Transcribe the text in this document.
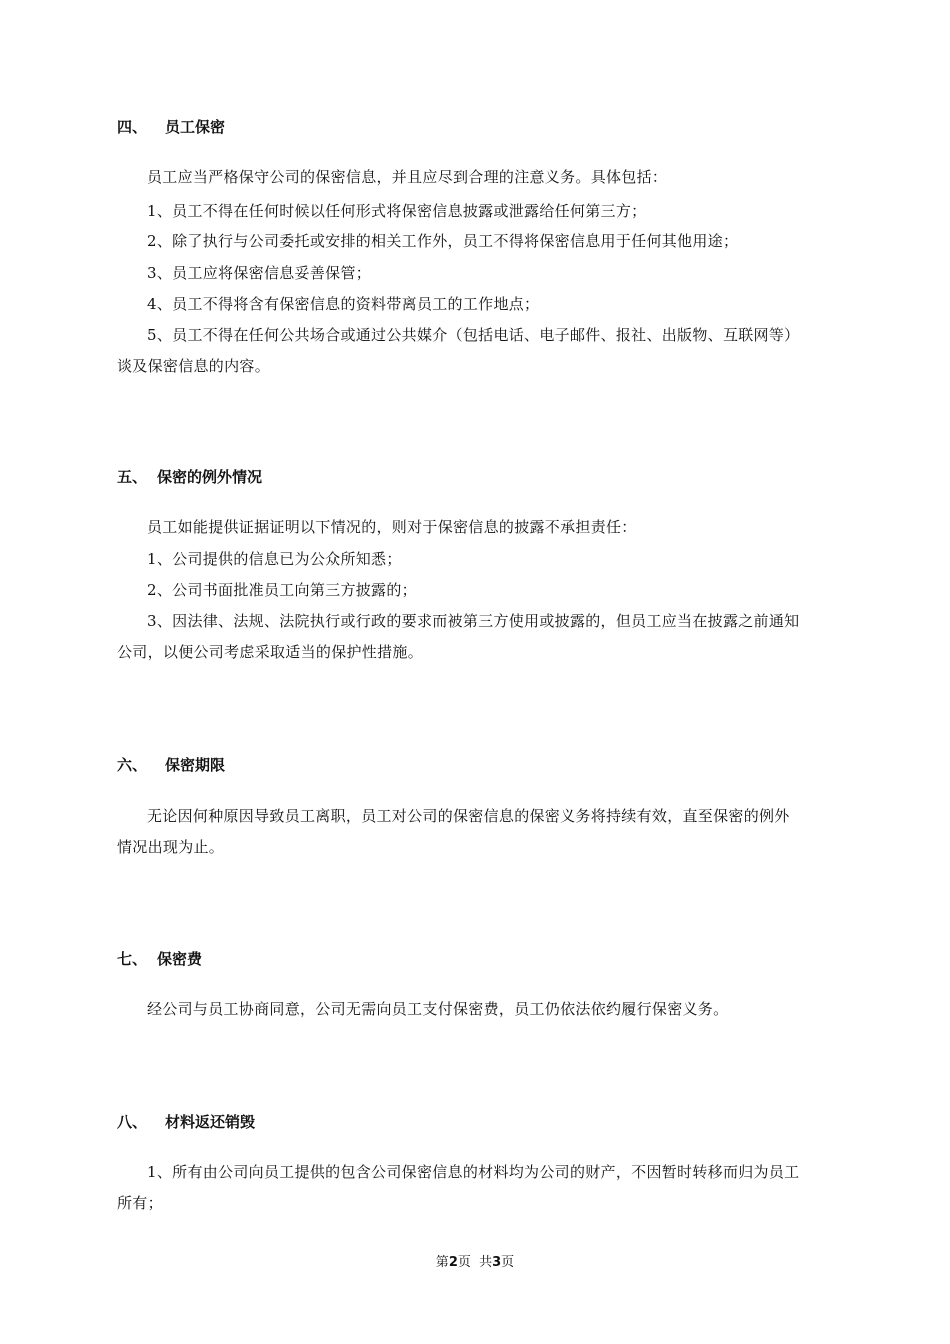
四、 员工保密
员工应当严格保守公司的保密信息，并且应尽到合理的注意义务。具体包括：
1、员工不得在任何时候以任何形式将保密信息披露或泄露给任何第三方；
2、除了执行与公司委托或安排的相关工作外，员工不得将保密信息用于任何其他用途；
3、员工应将保密信息妥善保管；
4、员工不得将含有保密信息的资料带离员工的工作地点；
5、员工不得在任何公共场合或通过公共媒介（包括电话、电子邮件、报社、出版物、互联网等）
谈及保密信息的内容。
五、 保密的例外情况
员工如能提供证据证明以下情况的，则对于保密信息的披露不承担责任：
1、公司提供的信息已为公众所知悉；
2、公司书面批准员工向第三方披露的；
3、因法律、法规、法院执行或行政的要求而被第三方使用或披露的，但员工应当在披露之前通知
公司，以便公司考虑采取适当的保护性措施。
六、 保密期限
无论因何种原因导致员工离职，员工对公司的保密信息的保密义务将持续有效，直至保密的例外
情况出现为止。
七、 保密费
经公司与员工协商同意，公司无需向员工支付保密费，员工仍依法依约履行保密义务。
八、 材料返还销毁
1、所有由公司向员工提供的包含公司保密信息的材料均为公司的财产，不因暂时转移而归为员工
所有；
第2页  共3页
